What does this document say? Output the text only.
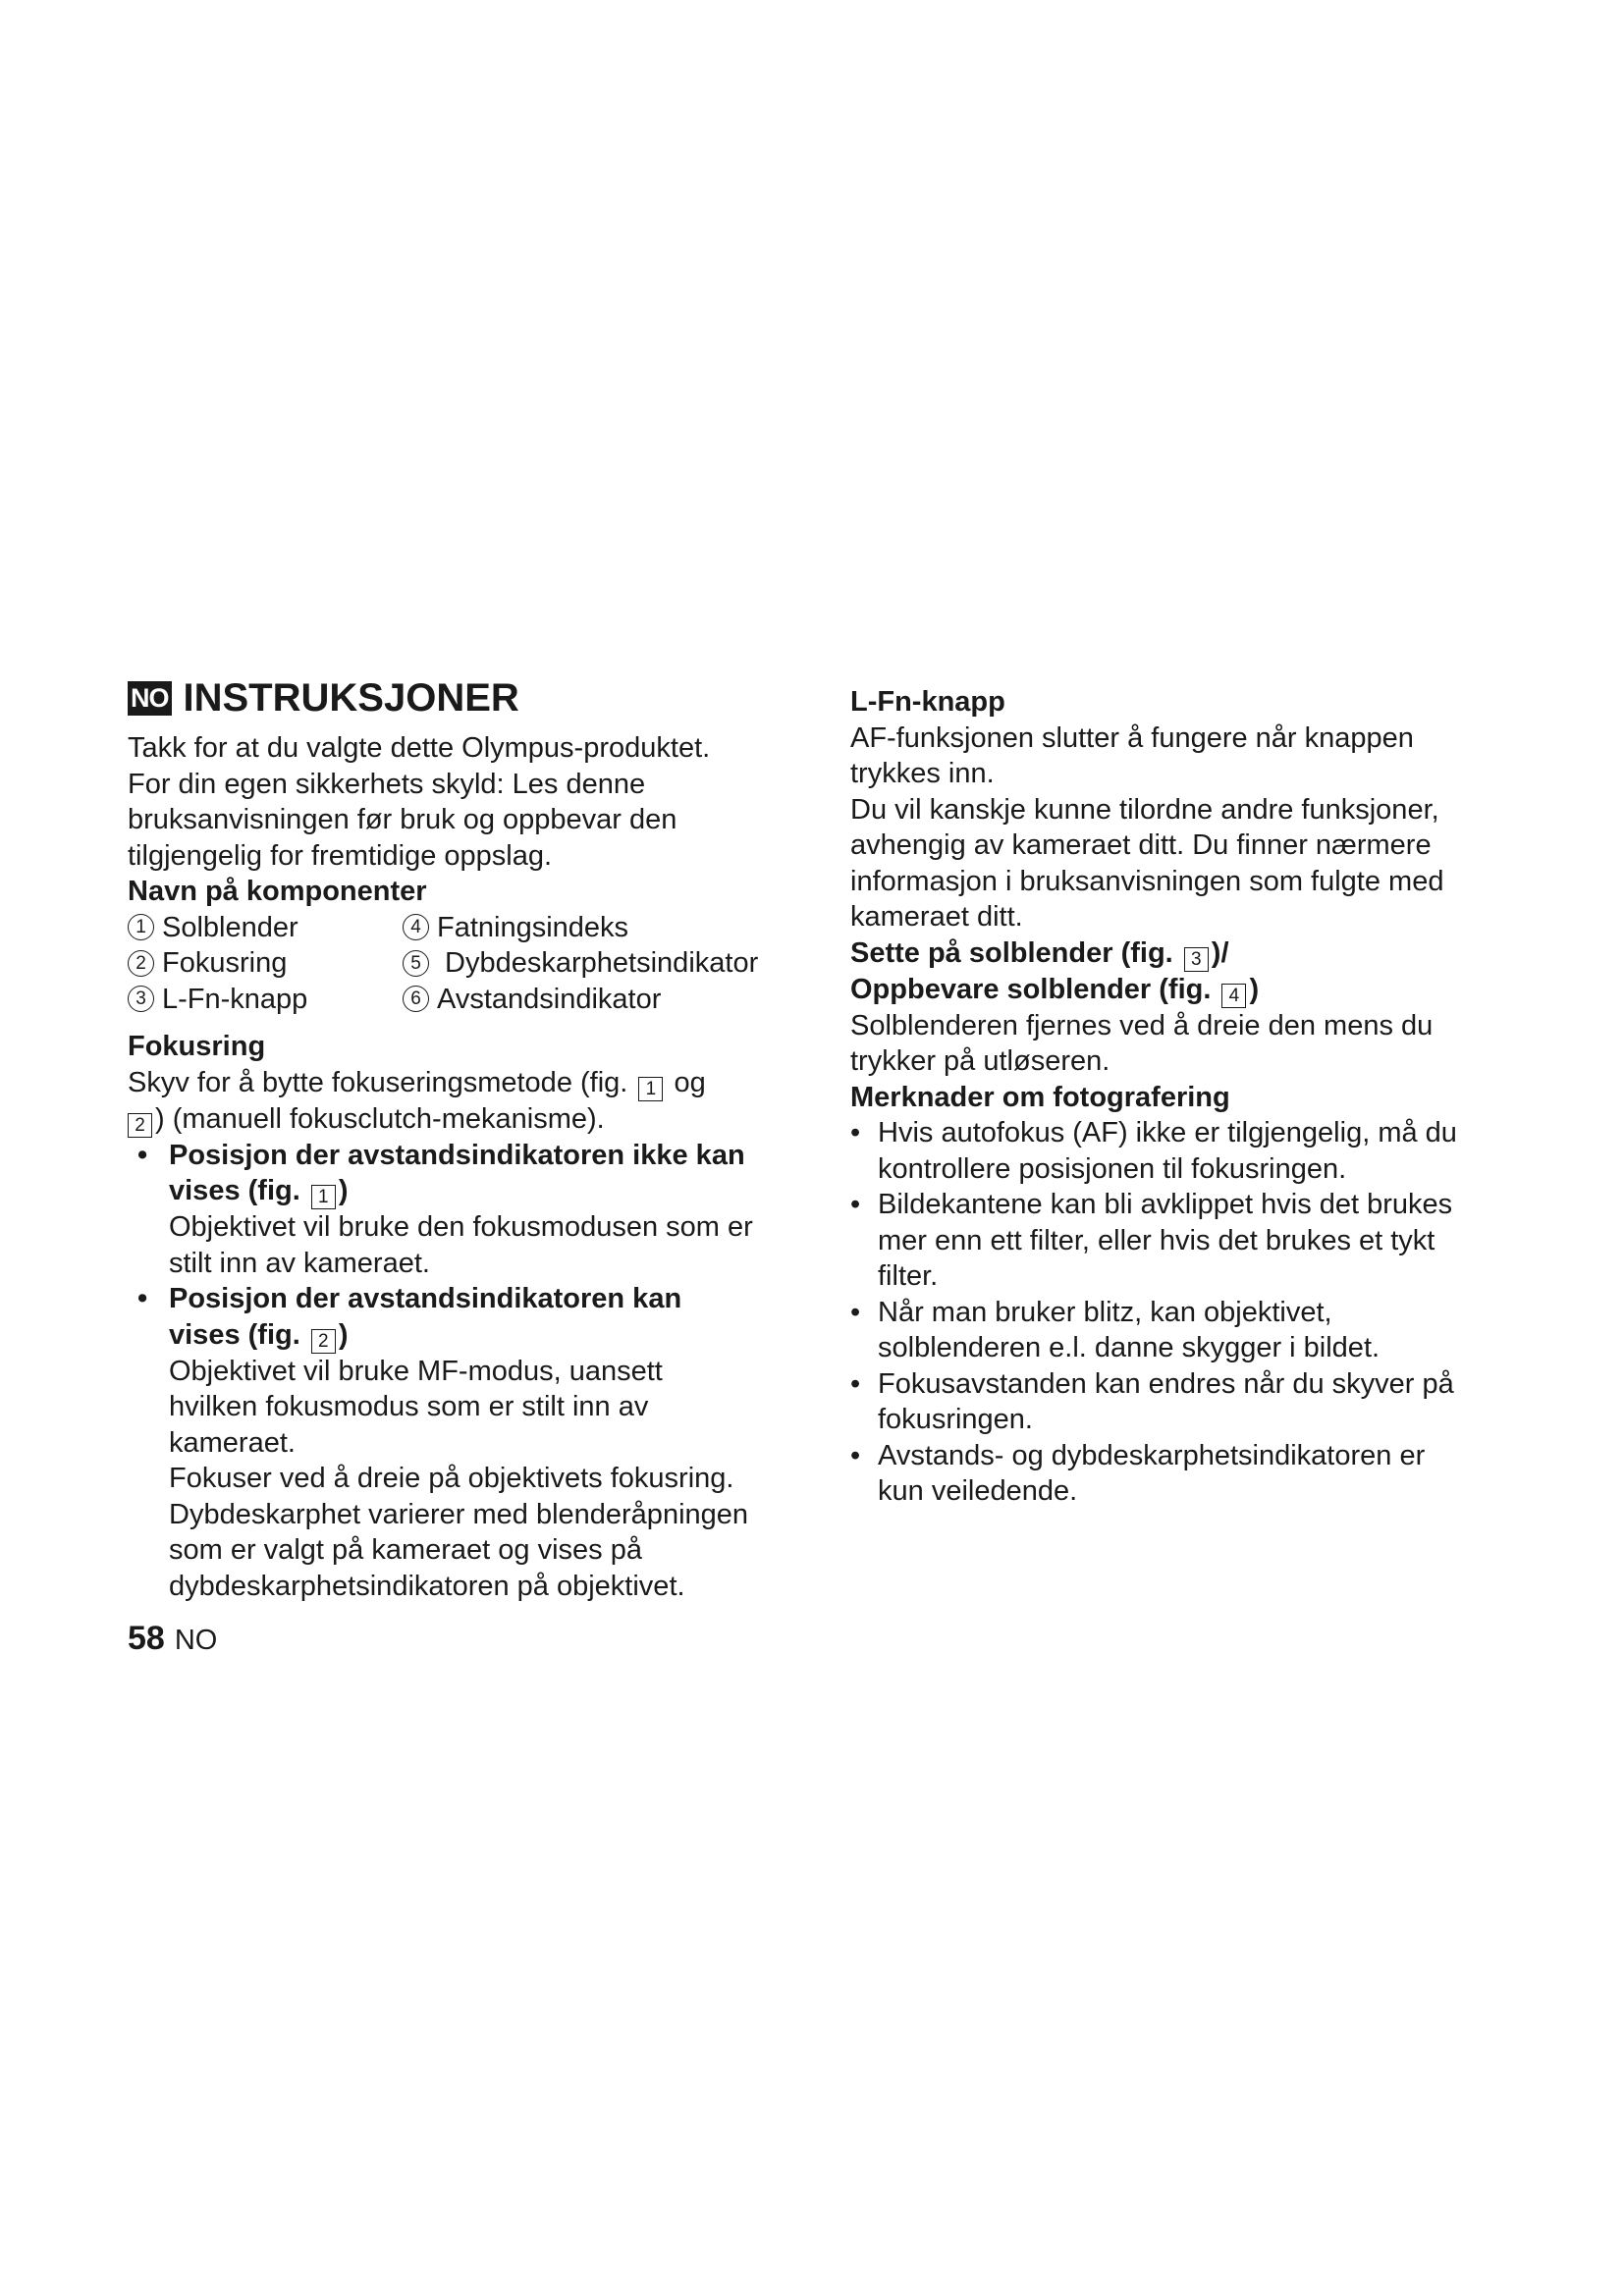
NO INSTRUKSJONER

Takk for at du valgte dette Olympus-produktet.

For din egen sikkerhets skyld: Les denne

bruksanvisningen før bruk og oppbevar den

tilgjengelig for fremtidige oppslag.

Navn på komponenter
1 Solblender	4 Fatningsindeks
2 Fokusring	5 Dybdeskarphetsindikator
3 L-Fn-knapp	6 Avstandsindikator
Fokusring

Skyv for å bytte fokuseringsmetode (fig. 1 og

2 ) (manuell fokusclutch-mekanisme).

• Posisjon der avstandsindikatoren ikke kan

vises (fig. 1 )

Objektivet vil bruke den fokusmodusen som er

stilt inn av kameraet.

• Posisjon der avstandsindikatoren kan

vises (fig. 2 )

Objektivet vil bruke MF-modus, uansett

hvilken fokusmodus som er stilt inn av

kameraet.

Fokuser ved å dreie på objektivets fokusring.

Dybdeskarphet varierer med blenderåpningen

som er valgt på kameraet og vises på

dybdeskarphetsindikatoren på objektivet.

L-Fn-knapp

AF-funksjonen slutter å fungere når knappen

trykkes inn.

Du vil kanskje kunne tilordne andre funksjoner,

avhengig av kameraet ditt. Du finner nærmere

informasjon i bruksanvisningen som fulgte med

kameraet ditt.

Sette på solblender (fig. 3 )/

Oppbevare solblender (fig. 4 )

Solblenderen fjernes ved å dreie den mens du

trykker på utløseren.

Merknader om fotografering
• Hvis autofokus (AF) ikke er tilgjengelig, må du

kontrollere posisjonen til fokusringen.

• Bildekantene kan bli avklippet hvis det brukes

mer enn ett filter, eller hvis det brukes et tykt

filter.

• Når man bruker blitz, kan objektivet,

solblenderen e.l. danne skygger i bildet.

• Fokusavstanden kan endres når du skyver på

fokusringen.

• Avstands- og dybdeskarphetsindikatoren er

kun veiledende.

58 NO
